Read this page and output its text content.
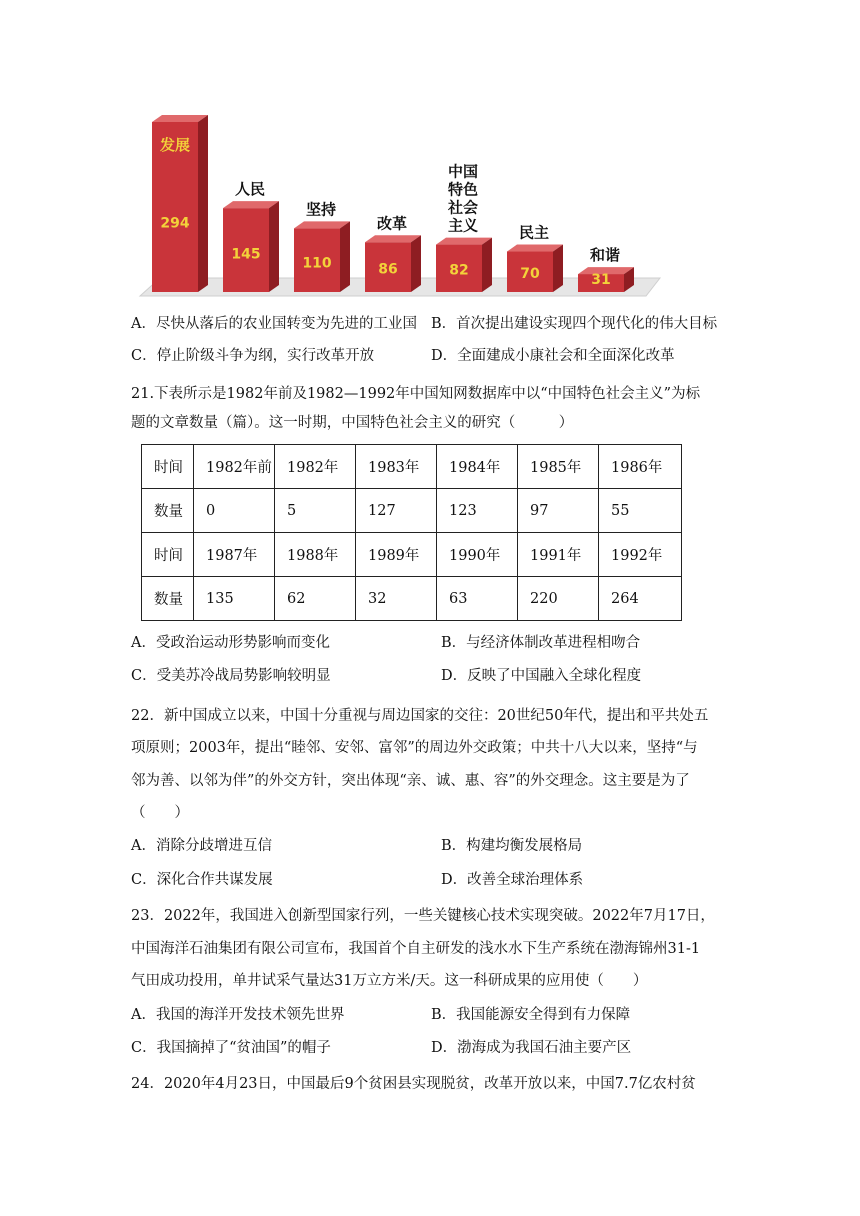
294
发展
145
人民
110
坚持
86
改革
82
中国
特色
社会
主义
70
民主
31
和谐
A．尽快从落后的农业国转变为先进的工业国 B．首次提出建设实现四个现代化的伟大目标
C．停止阶级斗争为纲，实行改革开放	D．全面建成小康社会和全面深化改革
21.下表所示是1982年前及1982—1992年中国知网数据库中以“中国特色社会主义”为标
题的文章数量（篇）。这一时期，中国特色社会主义的研究（　　　）
时间	1982年前	1982年	1983年	1984年	1985年	1986年
数量	0	5	127	123	97	55
时间	1987年	1988年	1989年	1990年	1991年	1992年
数量	135	62	32	63	220	264
A．受政治运动形势影响而变化	B．与经济体制改革进程相吻合
C．受美苏冷战局势影响较明显	D．反映了中国融入全球化程度
22．新中国成立以来，中国十分重视与周边国家的交往：20世纪50年代，提出和平共处五
项原则；2003年，提出“睦邻、安邻、富邻”的周边外交政策；中共十八大以来，坚持“与
邻为善、以邻为伴”的外交方针，突出体现“亲、诚、惠、容”的外交理念。这主要是为了
（　　）
A．消除分歧增进互信	B．构建均衡发展格局
C．深化合作共谋发展	D．改善全球治理体系
23．2022年，我国进入创新型国家行列，一些关键核心技术实现突破。2022年7月17日，
中国海洋石油集团有限公司宣布，我国首个自主研发的浅水水下生产系统在渤海锦州31-1
气田成功投用，单井试采气量达31万立方米/天。这一科研成果的应用使（　　）
A．我国的海洋开发技术领先世界	B．我国能源安全得到有力保障
C．我国摘掉了“贫油国”的帽子	D．渤海成为我国石油主要产区
24．2020年4月23日，中国最后9个贫困县实现脱贫，改革开放以来，中国7.7亿农村贫
